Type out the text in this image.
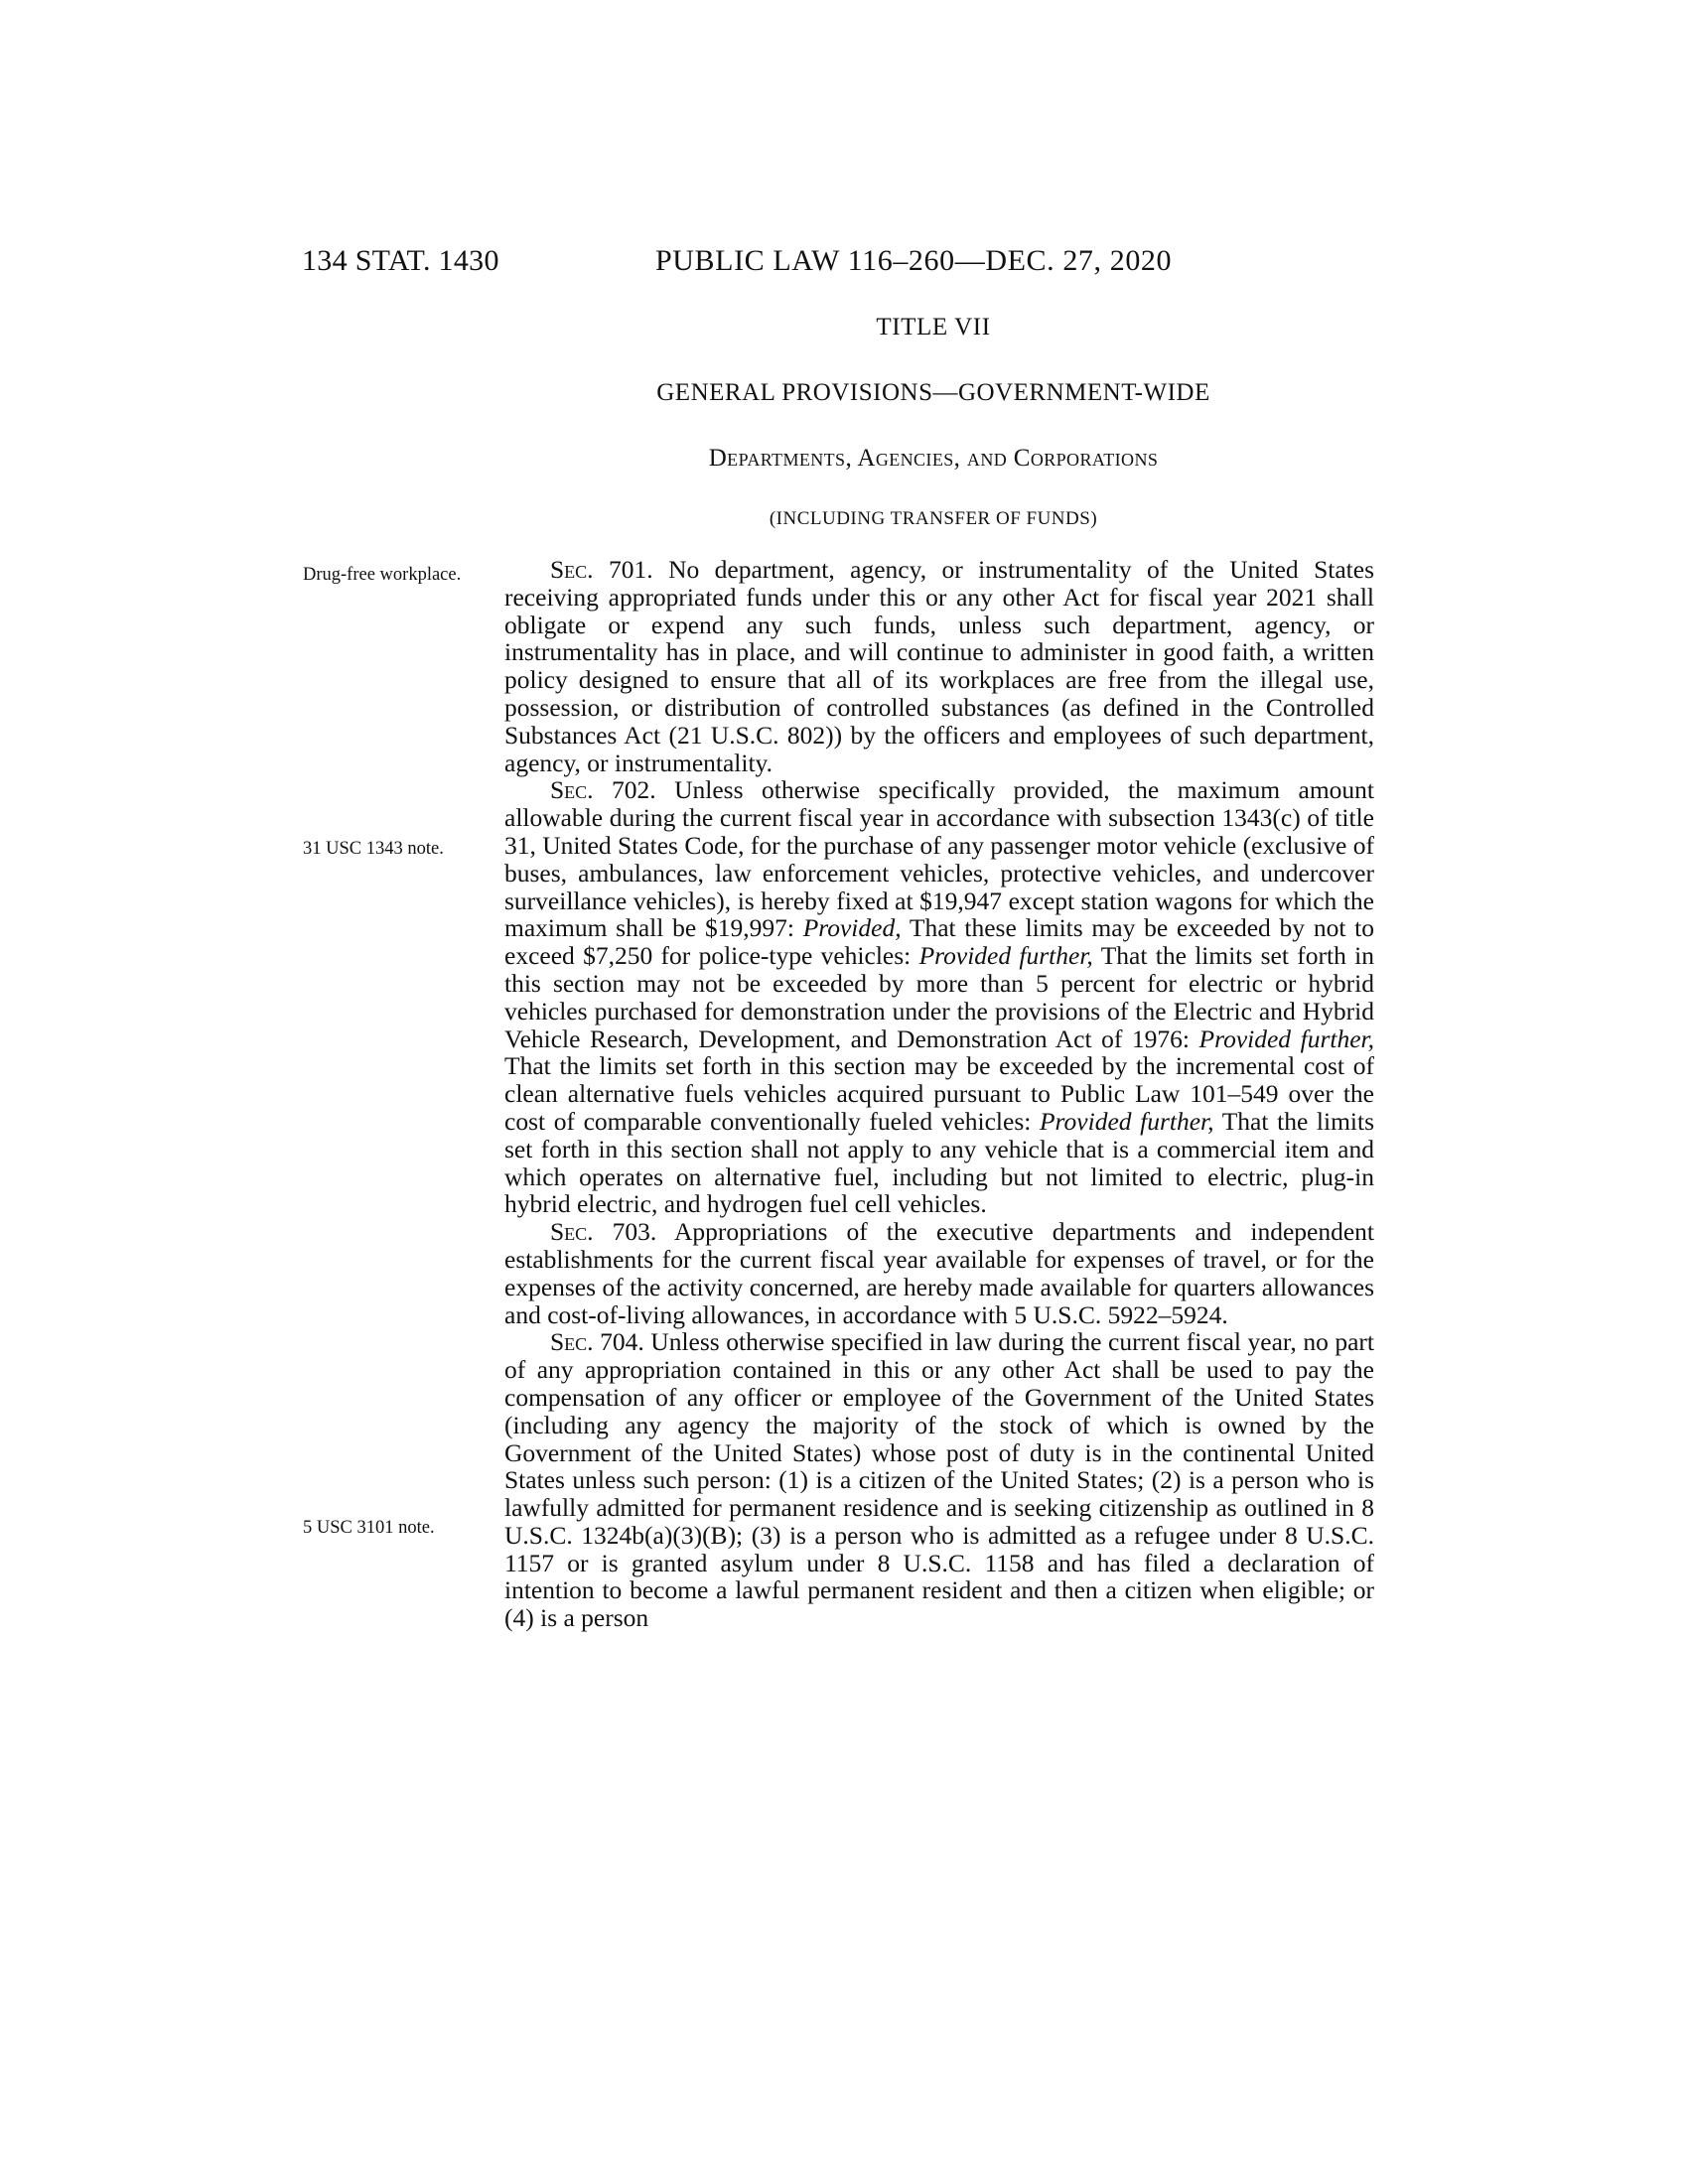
134 STAT. 1430	PUBLIC LAW 116–260—DEC. 27, 2020
TITLE VII
GENERAL PROVISIONS—GOVERNMENT-WIDE
Departments, Agencies, and Corporations
(INCLUDING TRANSFER OF FUNDS)
Drug-free workplace.
31 USC 1343 note.
5 USC 3101 note.

Sec. 701. No department, agency, or instrumentality of the United States receiving appropriated funds under this or any other Act for fiscal year 2021 shall obligate or expend any such funds, unless such department, agency, or instrumentality has in place, and will continue to administer in good faith, a written policy designed to ensure that all of its workplaces are free from the illegal use, possession, or distribution of controlled substances (as defined in the Controlled Substances Act (21 U.S.C. 802)) by the officers and employees of such department, agency, or instrumentality.

Sec. 702. Unless otherwise specifically provided, the maximum amount allowable during the current fiscal year in accordance with subsection 1343(c) of title 31, United States Code, for the purchase of any passenger motor vehicle (exclusive of buses, ambulances, law enforcement vehicles, protective vehicles, and undercover surveillance vehicles), is hereby fixed at $19,947 except station wagons for which the maximum shall be $19,997: Provided, That these limits may be exceeded by not to exceed $7,250 for police-type vehicles: Provided further, That the limits set forth in this section may not be exceeded by more than 5 percent for electric or hybrid vehicles purchased for demonstration under the provisions of the Electric and Hybrid Vehicle Research, Development, and Demonstration Act of 1976: Provided further, That the limits set forth in this section may be exceeded by the incremental cost of clean alternative fuels vehicles acquired pursuant to Public Law 101–549 over the cost of comparable conventionally fueled vehicles: Provided further, That the limits set forth in this section shall not apply to any vehicle that is a commercial item and which operates on alternative fuel, including but not limited to electric, plug-in hybrid electric, and hydrogen fuel cell vehicles.

Sec. 703. Appropriations of the executive departments and independent establishments for the current fiscal year available for expenses of travel, or for the expenses of the activity concerned, are hereby made available for quarters allowances and cost-of-living allowances, in accordance with 5 U.S.C. 5922–5924.

Sec. 704. Unless otherwise specified in law during the current fiscal year, no part of any appropriation contained in this or any other Act shall be used to pay the compensation of any officer or employee of the Government of the United States (including any agency the majority of the stock of which is owned by the Government of the United States) whose post of duty is in the continental United States unless such person: (1) is a citizen of the United States; (2) is a person who is lawfully admitted for permanent residence and is seeking citizenship as outlined in 8 U.S.C. 1324b(a)(3)(B); (3) is a person who is admitted as a refugee under 8 U.S.C. 1157 or is granted asylum under 8 U.S.C. 1158 and has filed a declaration of intention to become a lawful permanent resident and then a citizen when eligible; or (4) is a person
